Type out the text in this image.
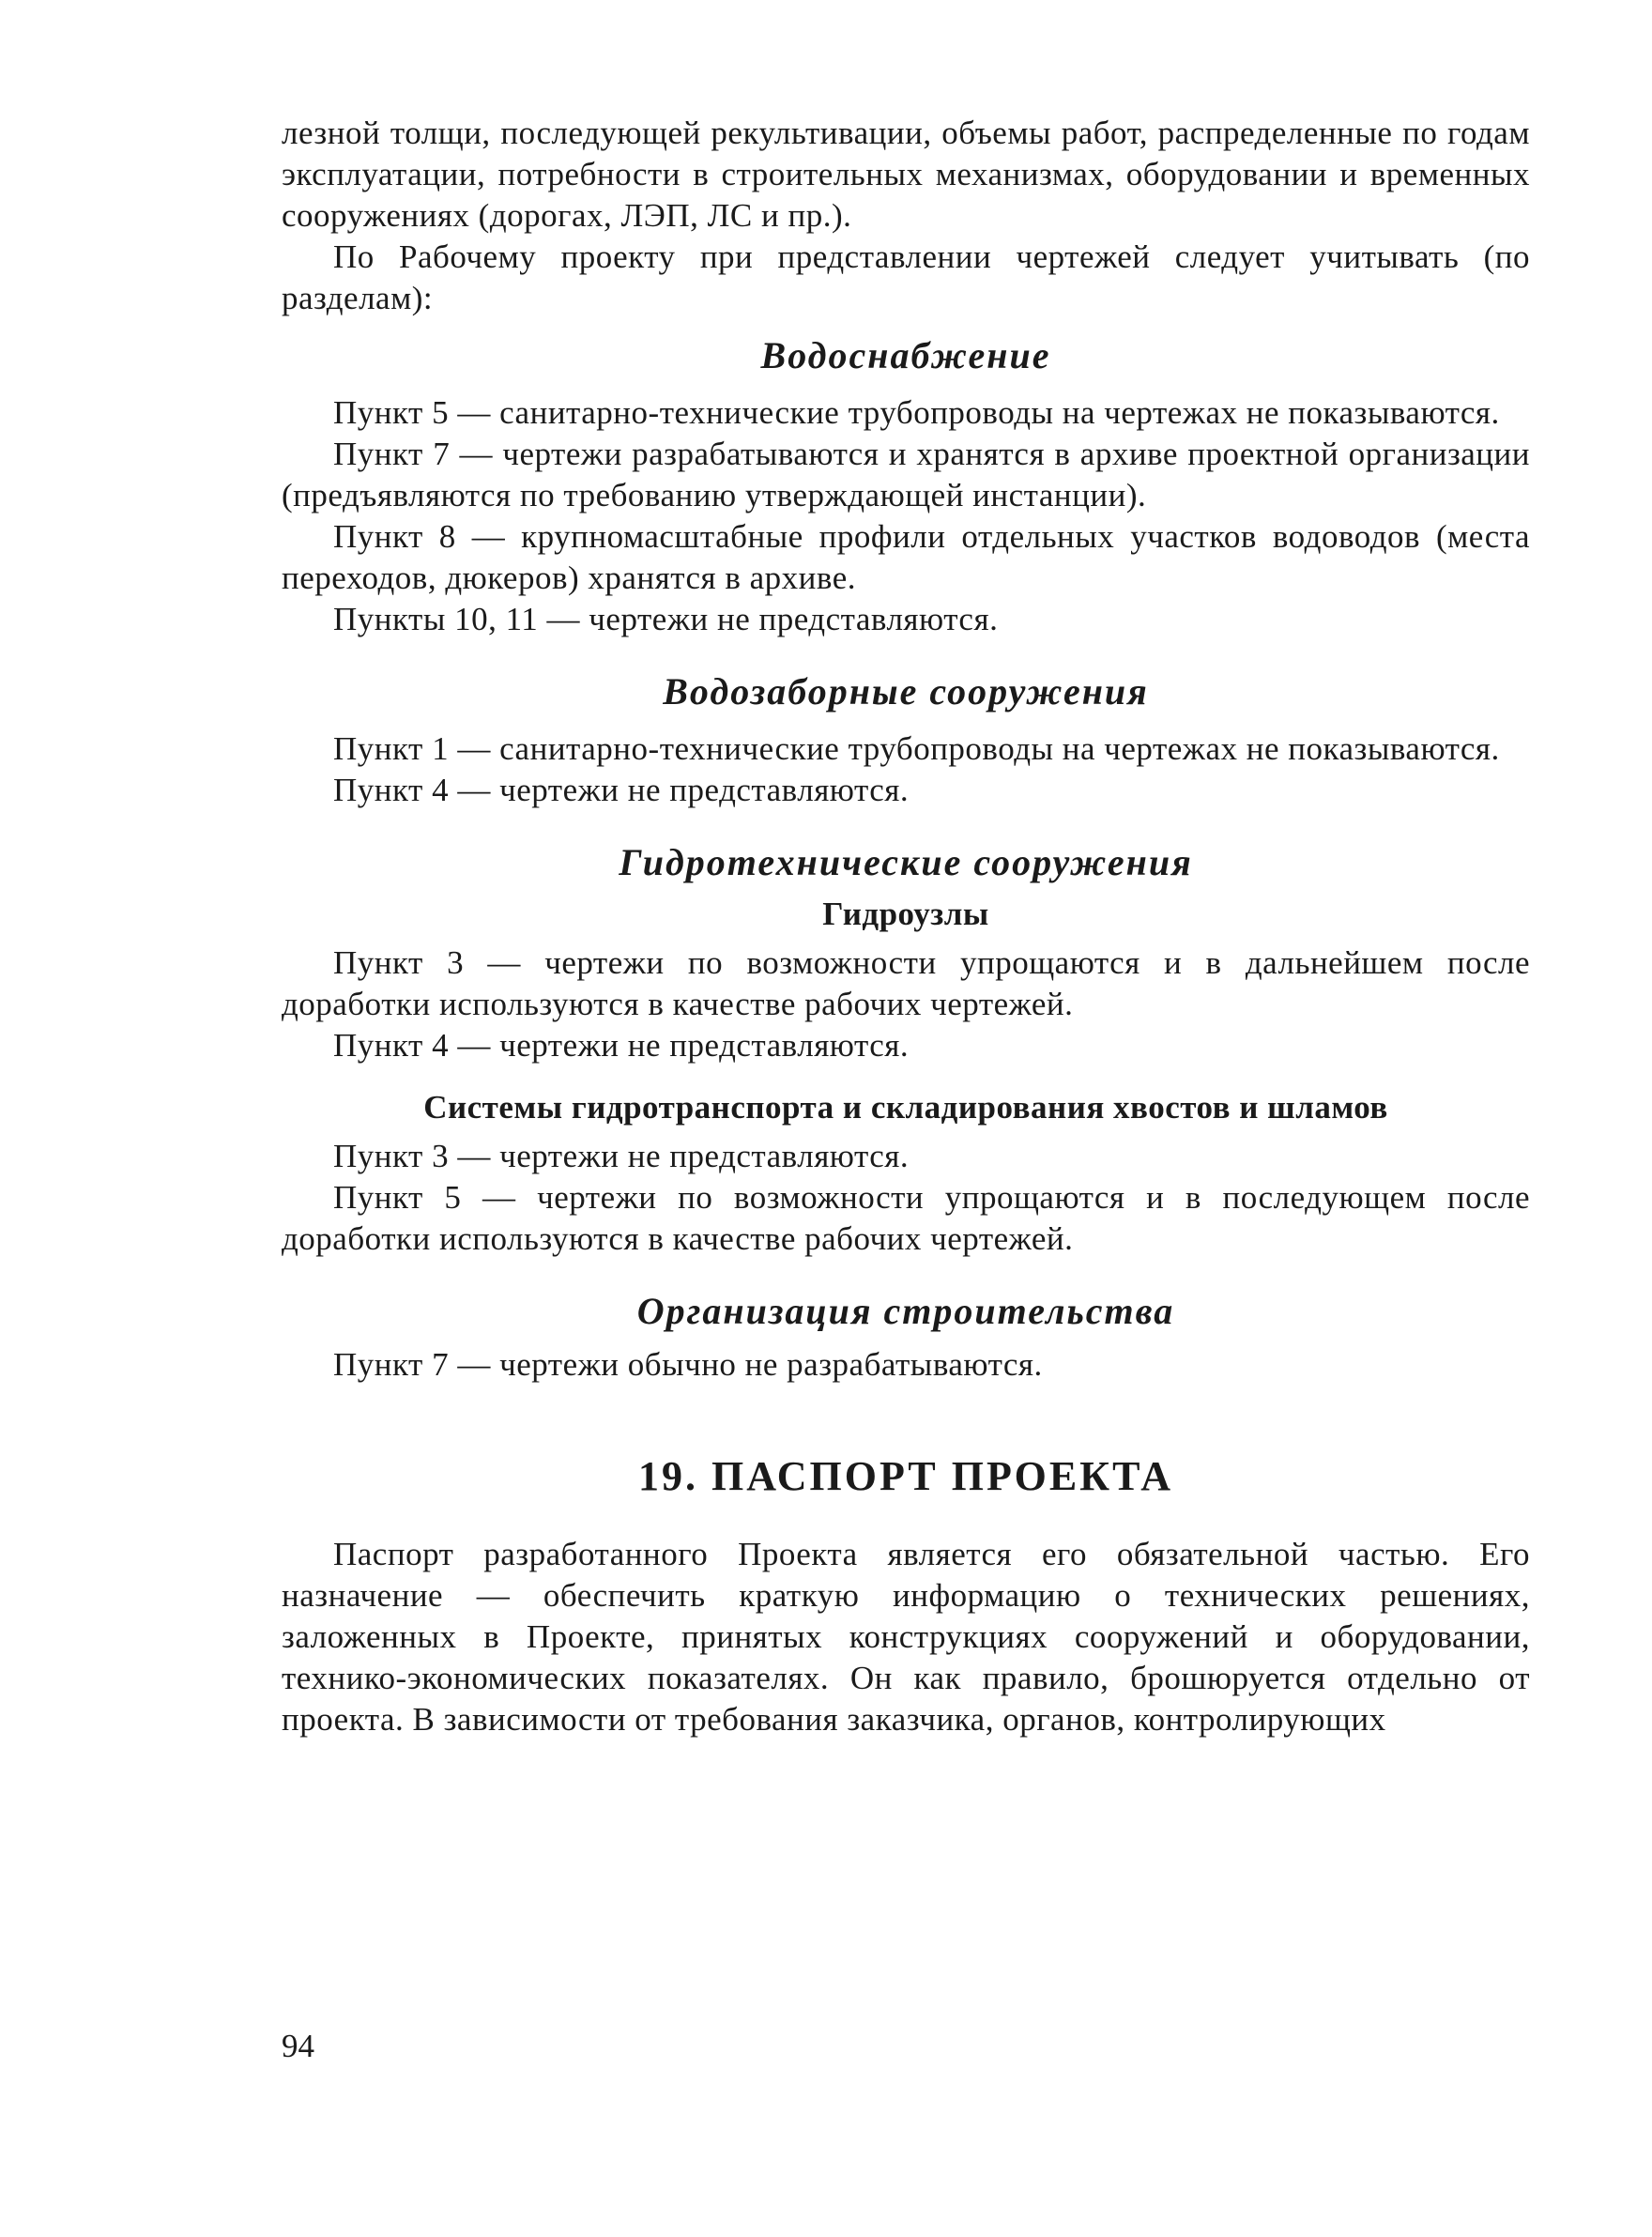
лезной толщи, последующей рекультивации, объемы работ, распределенные по годам эксплуатации, потребности в строительных механизмах, оборудовании и временных сооружениях (дорогах, ЛЭП, ЛС и пр.).

По Рабочему проекту при представлении чертежей следует учитывать (по разделам):

Водоснабжение

Пункт 5 — санитарно-технические трубопроводы на чертежах не показываются.

Пункт 7 — чертежи разрабатываются и хранятся в архиве проектной организации (предъявляются по требованию утверждающей инстанции).

Пункт 8 — крупномасштабные профили отдельных участков водоводов (места переходов, дюкеров) хранятся в архиве.

Пункты 10, 11 — чертежи не представляются.

Водозаборные сооружения

Пункт 1 — санитарно-технические трубопроводы на чертежах не показываются.

Пункт 4 — чертежи не представляются.

Гидротехнические сооружения
Гидроузлы

Пункт 3 — чертежи по возможности упрощаются и в дальнейшем после доработки используются в качестве рабочих чертежей.

Пункт 4 — чертежи не представляются.

Системы гидротранспорта и складирования хвостов и шламов

Пункт 3 — чертежи не представляются.

Пункт 5 — чертежи по возможности упрощаются и в последующем после доработки используются в качестве рабочих чертежей.

Организация строительства

Пункт 7 — чертежи обычно не разрабатываются.

19. ПАСПОРТ ПРОЕКТА

Паспорт разработанного Проекта является его обязательной частью. Его назначение — обеспечить краткую информацию о технических решениях, заложенных в Проекте, принятых конструкциях сооружений и оборудовании, технико-экономических показателях. Он как правило, брошюруется отдельно от проекта. В зависимости от требования заказчика, органов, контролирующих

94
